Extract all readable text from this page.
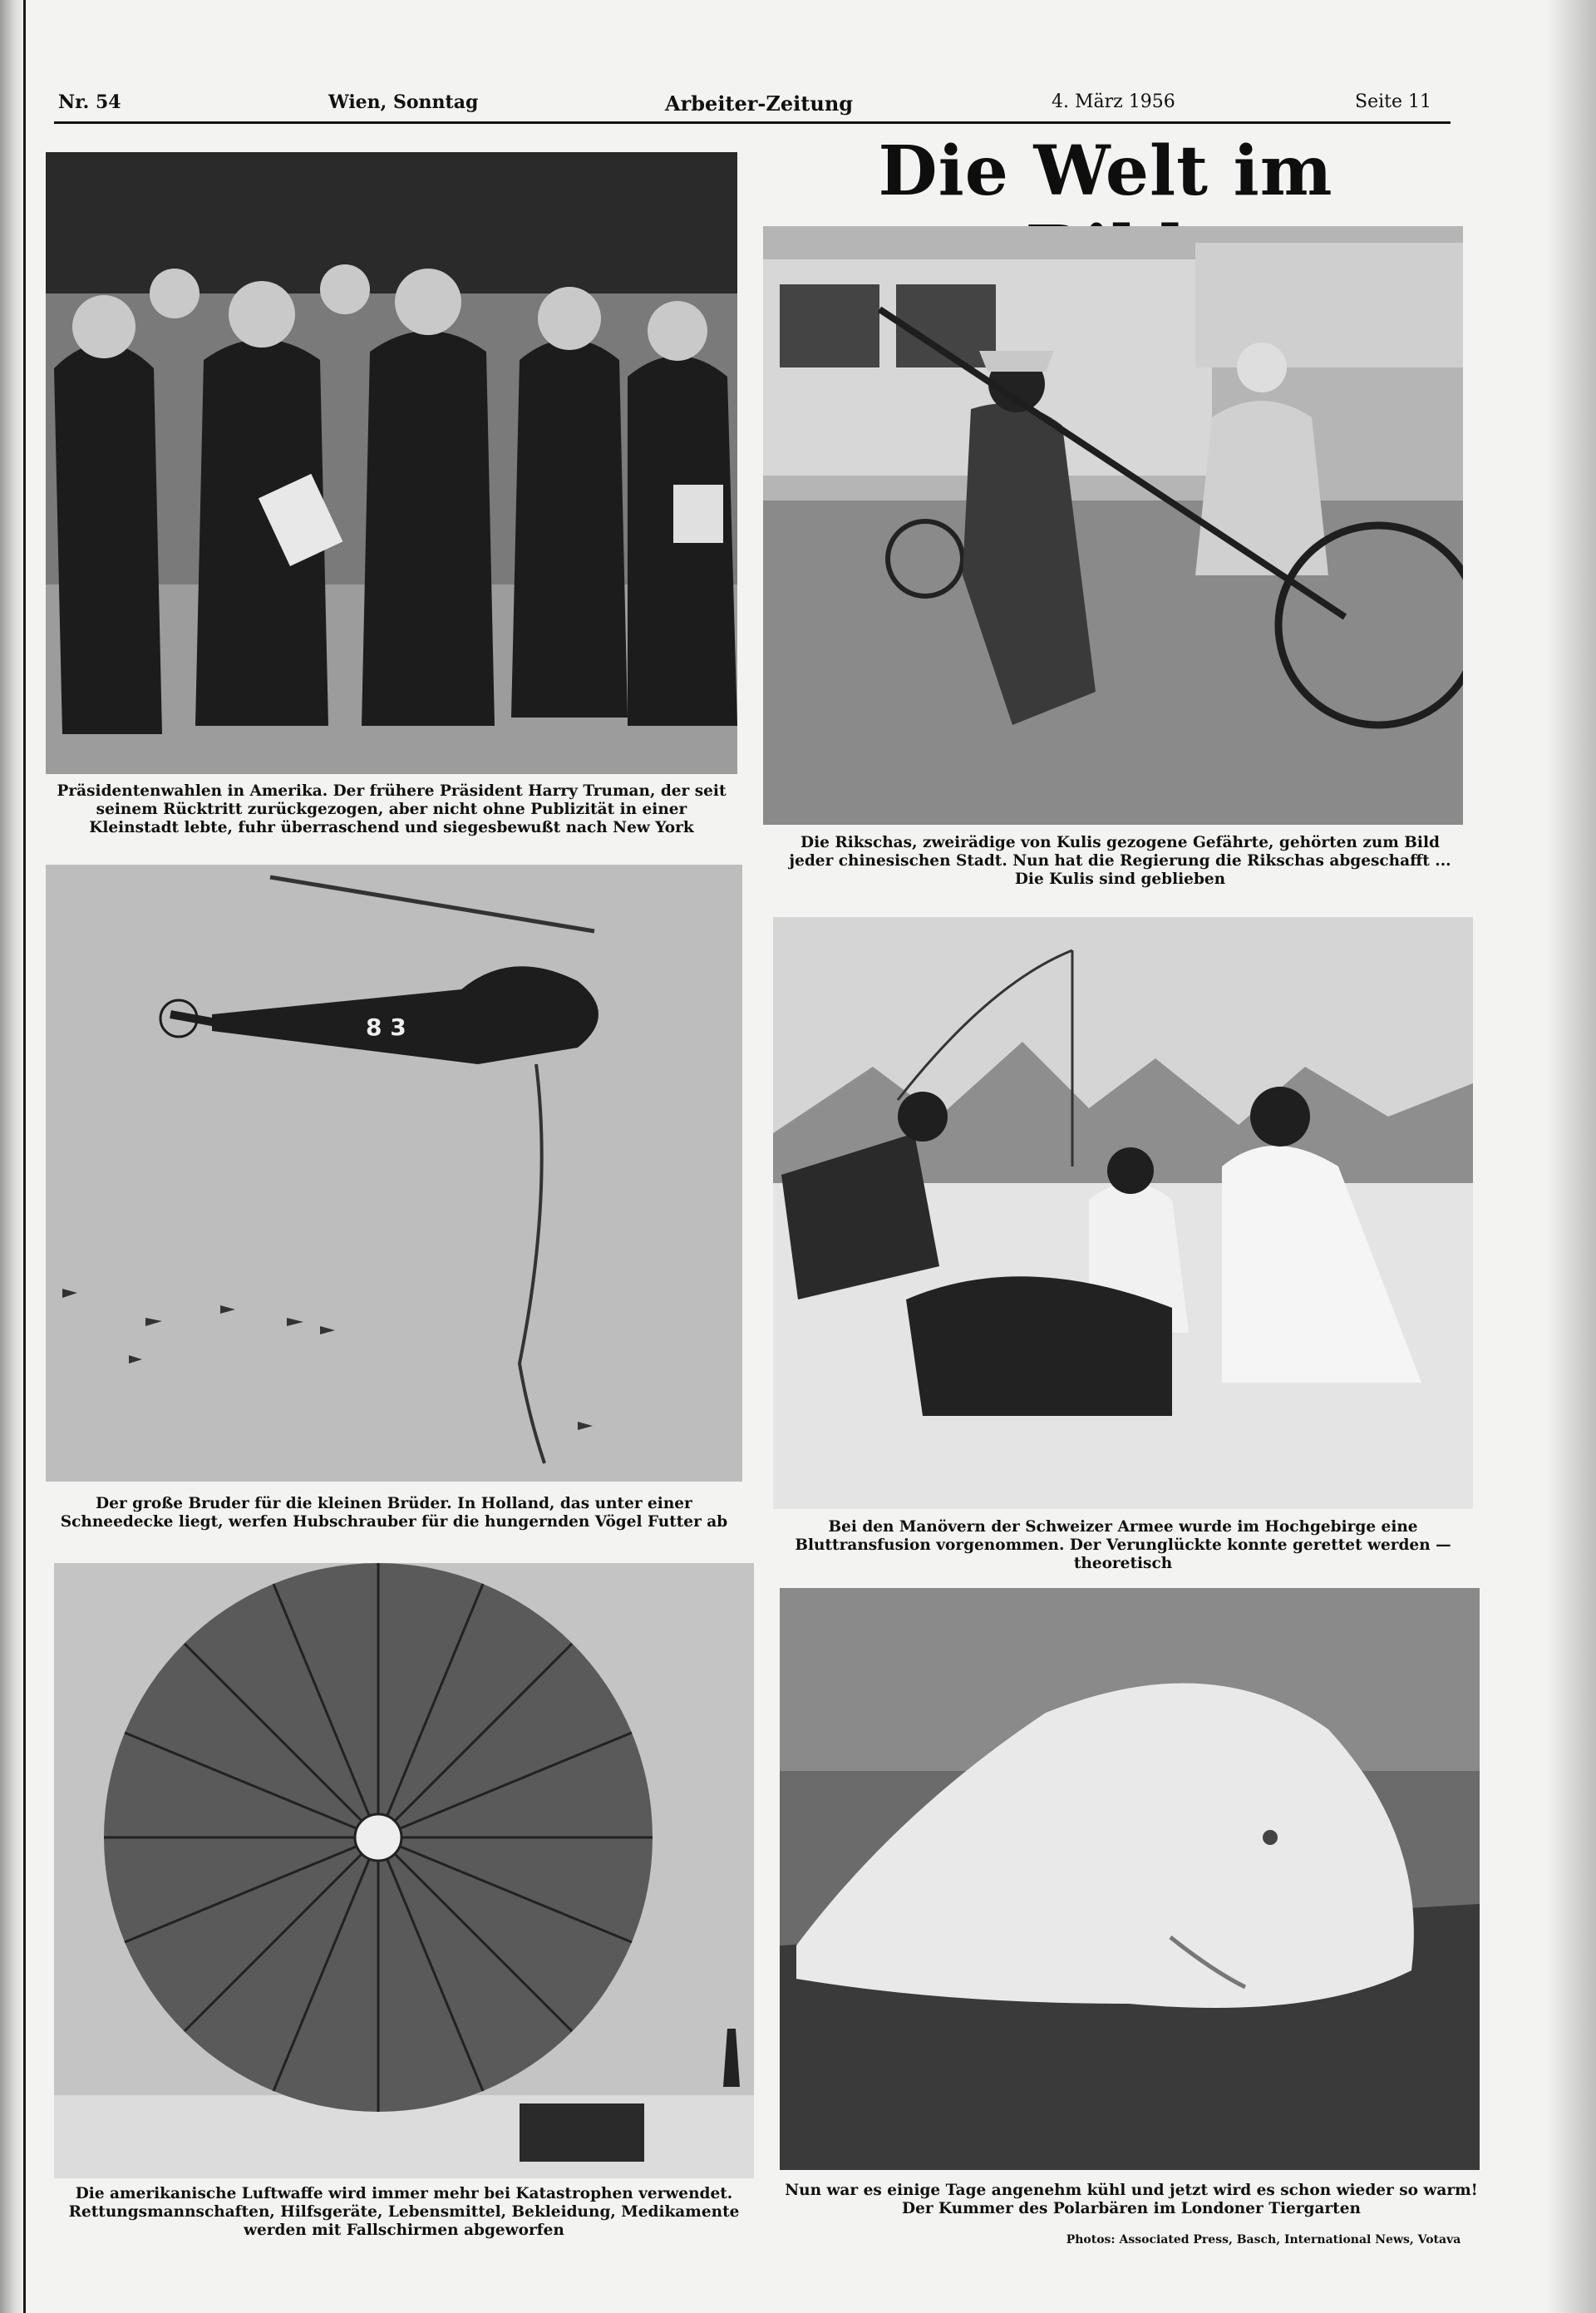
Nr. 54	Wien, Sonntag	Arbeiter-Zeitung	4. März 1956	Seite 11
Die Welt im
Präsidentenwahlen in Amerika. Der frühere Präsident Harry Truman, der seit seinem Rücktritt zurückgezogen, aber nicht ohne Publizität in einer Kleinstadt lebte, fuhr überraschend und siegesbewußt nach New York
Die Rikschas, zweirädige von Kulis gezogene Gefährte, gehörten zum Bild jeder chinesischen Stadt. Nun hat die Regierung die Rikschas abgeschafft ... Die Kulis sind geblieben
8 3
Der große Bruder für die kleinen Brüder. In Holland, das unter einer Schneedecke liegt, werfen Hubschrauber für die hungernden Vögel Futter ab	Bei den Manövern der Schweizer Armee wurde im Hochgebirge eine Bluttransfusion vorgenommen. Der Verunglückte konnte gerettet werden — theoretisch
Die amerikanische Luftwaffe wird immer mehr bei Katastrophen verwendet. Rettungsmannschaften, Hilfsgeräte, Lebensmittel, Bekleidung, Medikamente werden mit Fallschirmen abgeworfen
Nun war es einige Tage angenehm kühl und jetzt wird es schon wieder so warm! Der Kummer des Polarbären im Londoner Tiergarten
Photos: Associated Press, Basch, International News, Votava
